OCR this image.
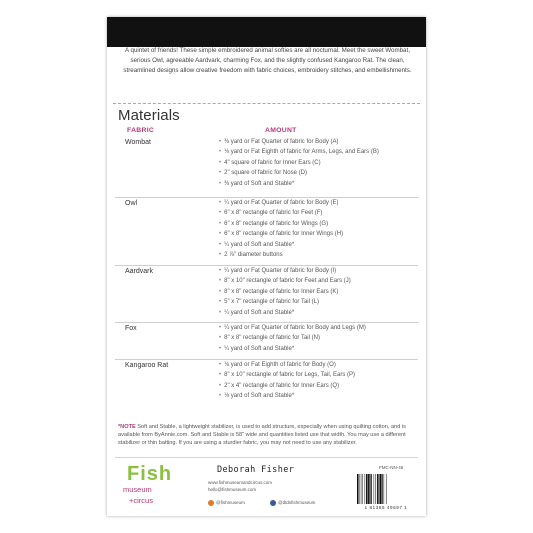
A quintet of friends! These simple embroidered animal softies are all nocturnal. Meet the sweet Wombat, serious Owl, agreeable Aardvark, charming Fox, and the slightly confused Kangaroo Rat. The clean, streamlined designs allow creative freedom with fabric choices, embroidery stitches, and embellishments.
Materials
FABRIC	AMOUNT
Wombat	• ⅜ yard or Fat Quarter of fabric for Body (A)
• ⅛ yard or Fat Eighth of fabric for Arms, Legs, and Ears (B)
• 4" square of fabric for Inner Ears (C)
• 2" square of fabric for Nose (D)
• ⅜ yard of Soft and Stable*
Owl	• ¼ yard or Fat Quarter of fabric for Body (E)
• 6" x 8" rectangle of fabric for Feet (F)
• 6" x 8" rectangle of fabric for Wings (G)
• 6" x 8" rectangle of fabric for Inner Wings (H)
• ¼ yard of Soft and Stable*
• 2 ⅞" diameter buttons
Aardvark	• ¼ yard or Fat Quarter of fabric for Body (I)
• 8" x 10" rectangle of fabric for Feet and Ears (J)
• 8" x 8" rectangle of fabric for Inner Ears (K)
• 5" x 7" rectangle of fabric for Tail (L)
• ¼ yard of Soft and Stable*
Fox	• ¼ yard or Fat Quarter of fabric for Body and Legs (M)
• 8" x 8" rectangle of fabric for Tail (N)
• ¼ yard of Soft and Stable*
Kangaroo Rat	• ⅛ yard or Fat Eighth of fabric for Body (O)
• 8" x 10" rectangle of fabric for Legs, Tail, Ears (P)
• 2" x 4" rectangle of fabric for Inner Ears (Q)
• ⅛ yard of Soft and Stable*
*NOTE Soft and Stable, a lightweight stabilizer, is used to add structure, especially when using quilting cotton, and is available from ByAnnie.com. Soft and Stable is 58" wide and quantities listed use that width. You may use a different stabilizer or thin batting. If you are using a sturdier fabric, you may not need to use any stabilizer.
Fish
museum
+circus
Deborah Fisher
www.fishmuseumandcircus.com
hello@fishmuseum.com
@fishmuseum	@dtdsfishmuseum
FMC-NN-46
1 81365 49697 1
